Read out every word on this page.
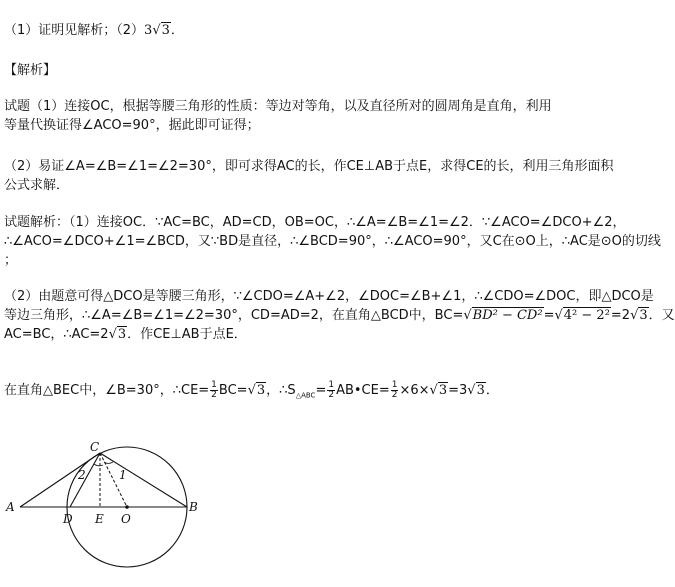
（1）证明见解析；（2）3√3．
【解析】
试题（1）连接OC，根据等腰三角形的性质：等边对等角，以及直径所对的圆周角是直角，利用
等量代换证得∠ACO=90°，据此即可证得；
（2）易证∠A=∠B=∠1=∠2=30°，即可求得AC的长，作CE⊥AB于点E，求得CE的长，利用三角形面积
公式求解．
试题解析：（1）连接OC．∵AC=BC，AD=CD，OB=OC，∴∠A=∠B=∠1=∠2．∵∠ACO=∠DCO+∠2，
∴∠ACO=∠DCO+∠1=∠BCD，又∵BD是直径，∴∠BCD=90°，∴∠ACO=90°，又C在⊙O上，∴AC是⊙O的切线
；
（2）由题意可得△DCO是等腰三角形，∵∠CDO=∠A+∠2，∠DOC=∠B+∠1，∴∠CDO=∠DOC，即△DCO是
等边三角形，∴∠A=∠B=∠1=∠2=30°，CD=AD=2，在直角△BCD中，BC=√BD² − CD²=√4² − 2²=2√3．又
AC=BC，∴AC=2√3．作CE⊥AB于点E．
在直角△BEC中，∠B=30°，∴CE= $\frac{1}{2} BC=√3$，$\therefore S_{\triangle ABC}= \frac{1}{2}$ AB•CE= $\frac{1}{2} \times 6\times√3=3√3$．
C
A	B
D E O
2	1
